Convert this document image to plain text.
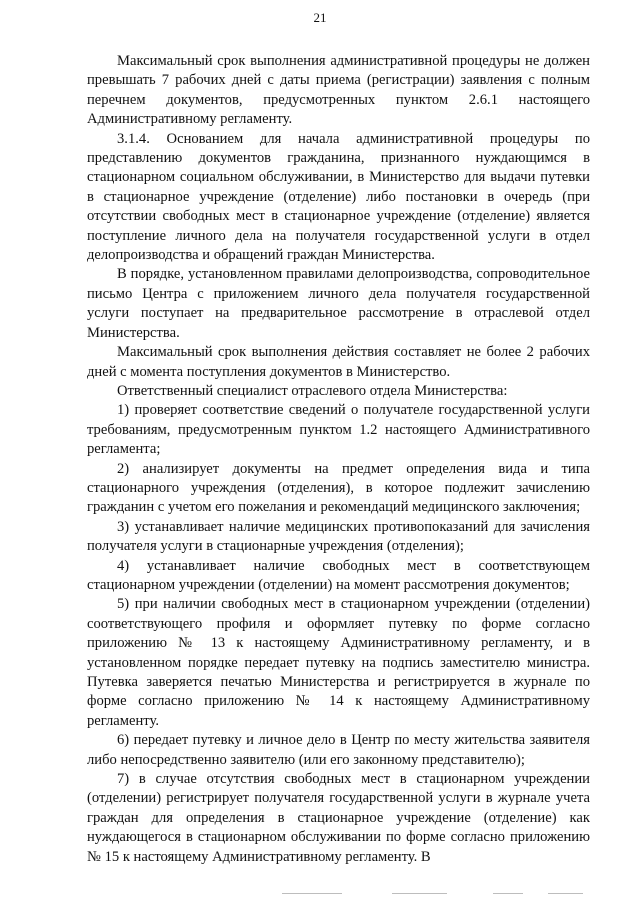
21

Максимальный срок выполнения административной процедуры не должен превышать 7 рабочих дней с даты приема (регистрации) заявления с полным перечнем документов, предусмотренных пунктом 2.6.1 настоящего Административному регламенту.

3.1.4. Основанием для начала административной процедуры по представлению документов гражданина, признанного нуждающимся в стационарном социальном обслуживании, в Министерство для выдачи путевки в стационарное учреждение (отделение) либо постановки в очередь (при отсутствии свободных мест в стационарное учреждение (отделение) является поступление личного дела на получателя государственной услуги в отдел делопроизводства и обращений граждан Министерства.

В порядке, установленном правилами делопроизводства, сопроводительное письмо Центра с приложением личного дела получателя государственной услуги поступает на предварительное рассмотрение в отраслевой отдел Министерства.

Максимальный срок выполнения действия составляет не более 2 рабочих дней с момента поступления документов в Министерство.

Ответственный специалист отраслевого отдела Министерства:

1) проверяет соответствие сведений о получателе государственной услуги требованиям, предусмотренным пунктом 1.2 настоящего Административного регламента;

2) анализирует документы на предмет определения вида и типа стационарного учреждения (отделения), в которое подлежит зачислению гражданин с учетом его пожелания и рекомендаций медицинского заключения;

3) устанавливает наличие медицинских противопоказаний для зачисления получателя услуги в стационарные учреждения (отделения);

4) устанавливает наличие свободных мест в соответствующем стационарном учреждении (отделении) на момент рассмотрения документов;

5) при наличии свободных мест в стационарном учреждении (отделении) соответствующего профиля и оформляет путевку по форме согласно приложению № 13 к настоящему Административному регламенту, и в установленном порядке передает путевку на подпись заместителю министра. Путевка заверяется печатью Министерства и регистрируется в журнале по форме согласно приложению № 14 к настоящему Административному регламенту.

6) передает путевку и личное дело в Центр по месту жительства заявителя либо непосредственно заявителю (или его законному представителю);

7) в случае отсутствия свободных мест в стационарном учреждении (отделении) регистрирует получателя государственной услуги в журнале учета граждан для определения в стационарное учреждение (отделение) как нуждающегося в стационарном обслуживании по форме согласно приложению № 15 к настоящему Административному регламенту. В
